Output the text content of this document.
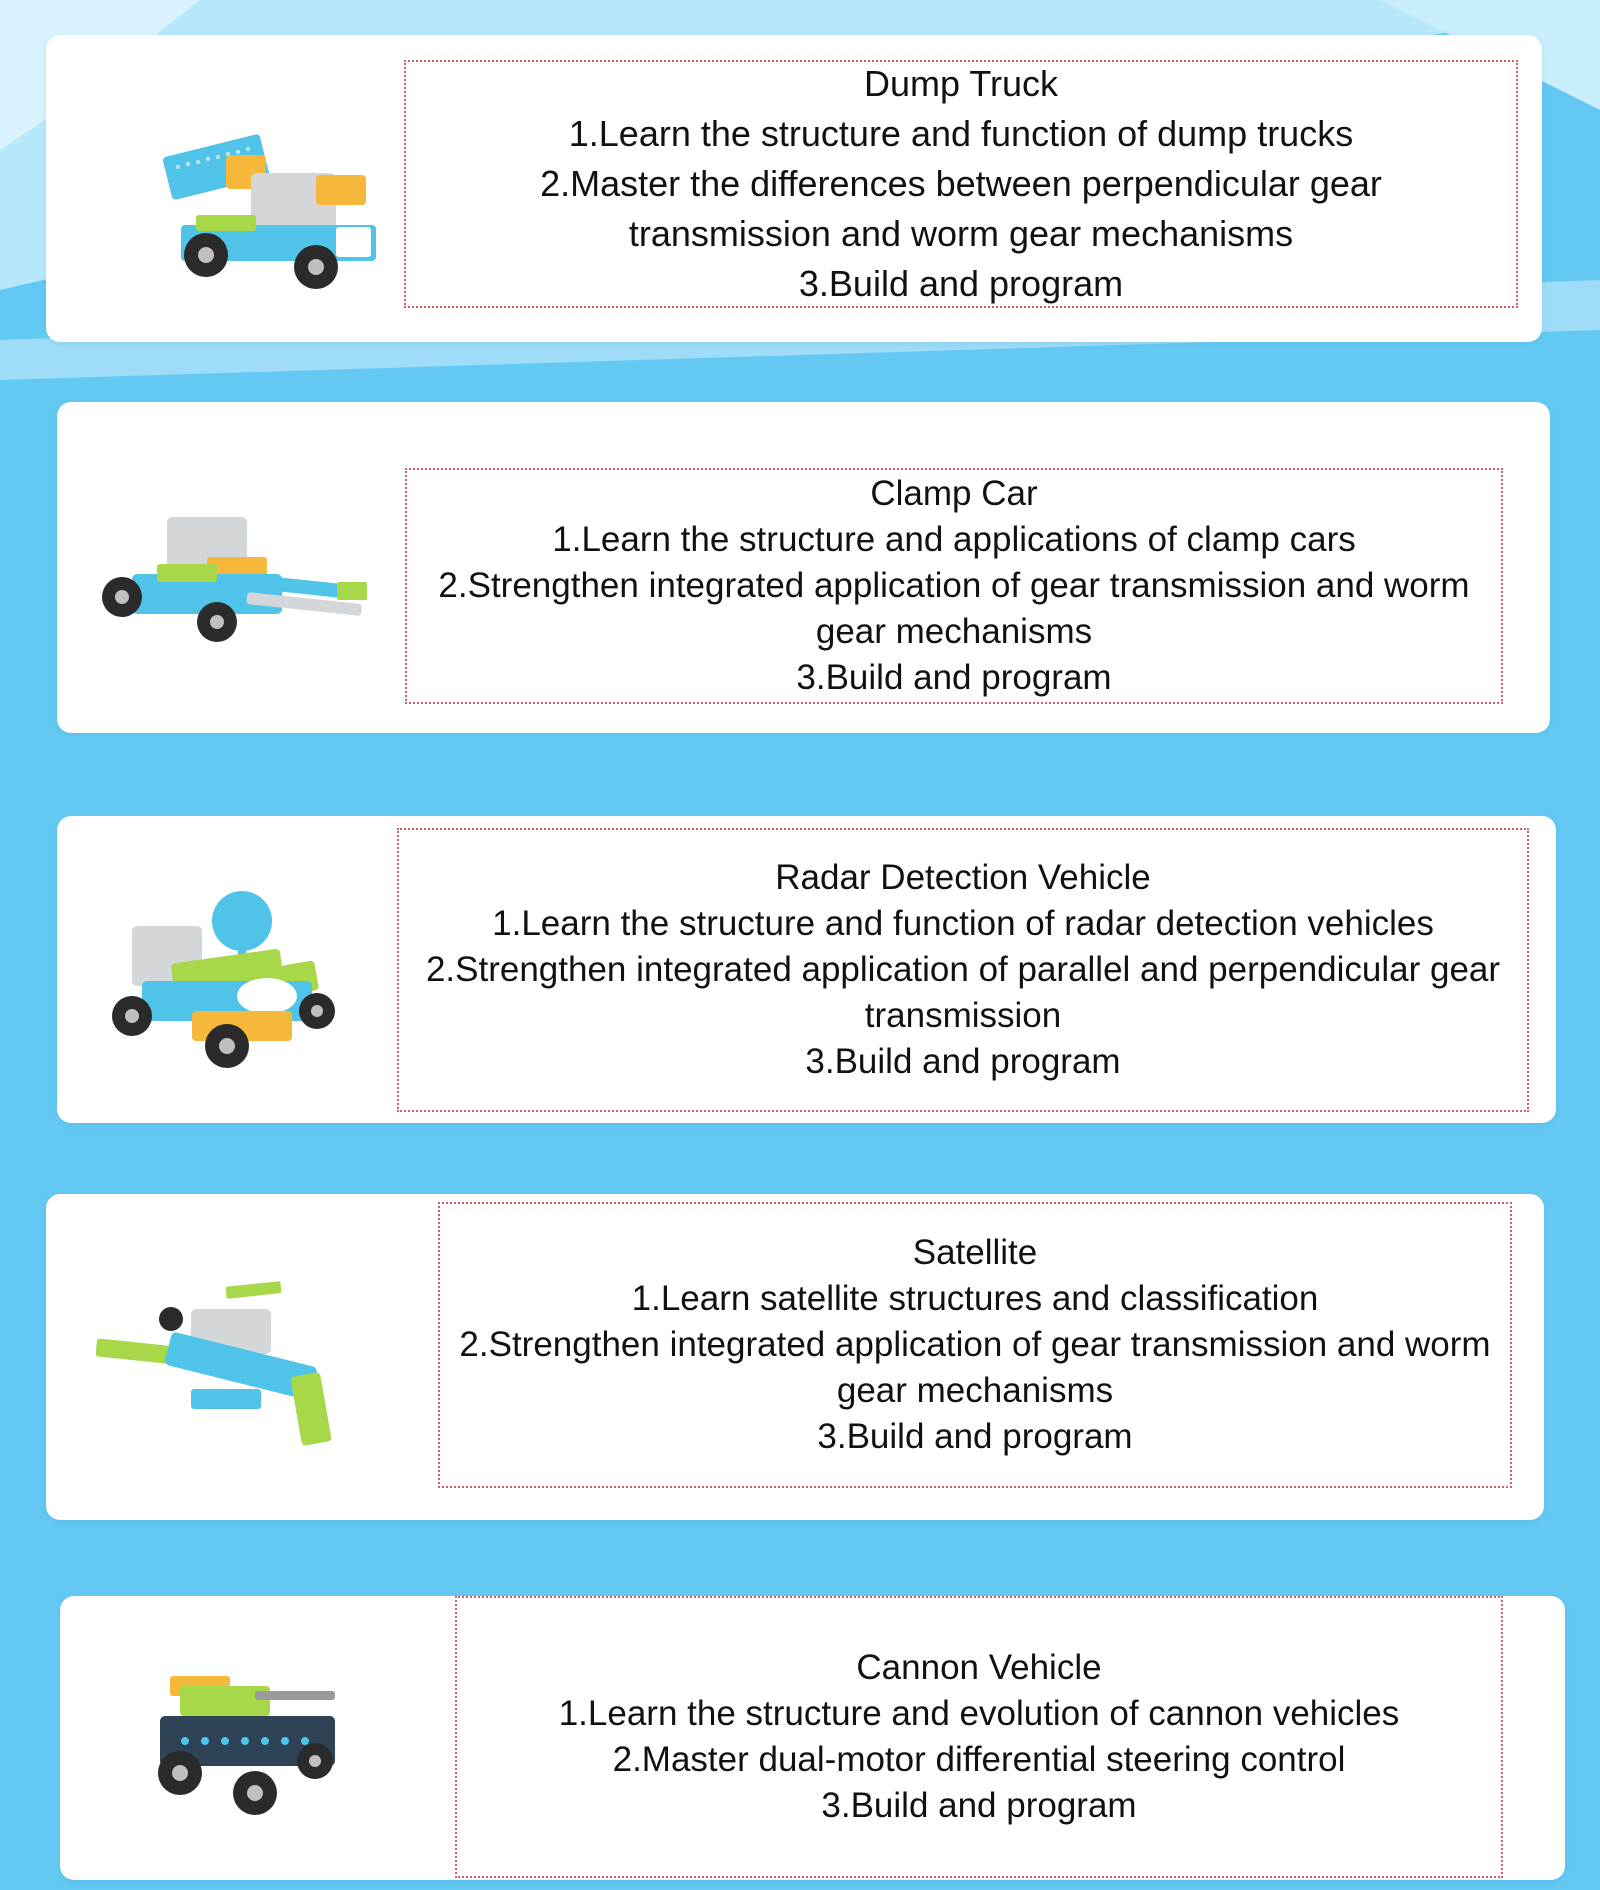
Dump Truck
1.Learn the structure and function of dump trucks
2.Master the differences between perpendicular gear
transmission and worm gear mechanisms
3.Build and program
Clamp Car
1.Learn the structure and applications of clamp cars
2.Strengthen integrated application of gear transmission and worm
gear mechanisms
3.Build and program
Radar Detection Vehicle
1.Learn the structure and function of radar detection vehicles
2.Strengthen integrated application of parallel and perpendicular gear
transmission
3.Build and program
Satellite
1.Learn satellite structures and classification
2.Strengthen integrated application of gear transmission and worm
gear mechanisms
3.Build and program
Cannon Vehicle
1.Learn the structure and evolution of cannon vehicles
2.Master dual-motor differential steering control
3.Build and program
